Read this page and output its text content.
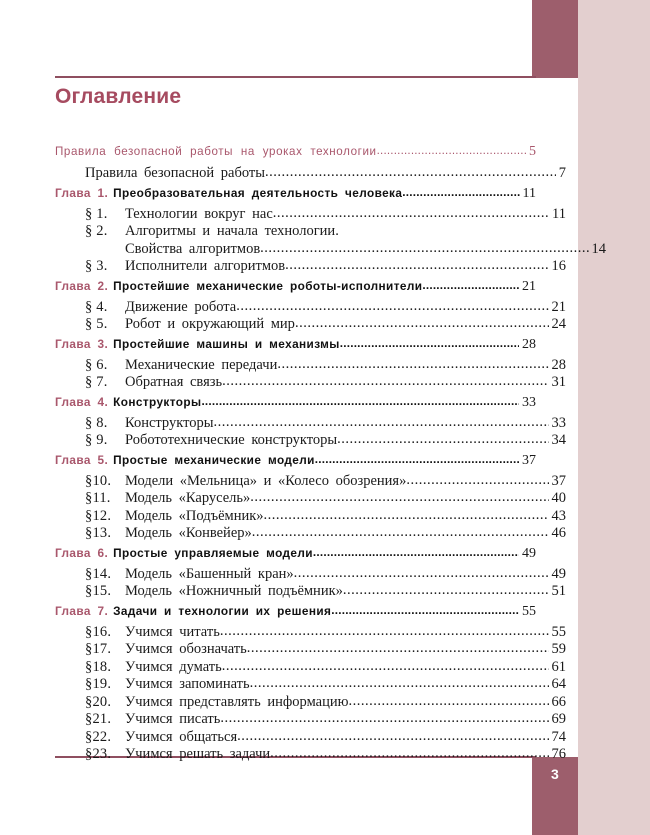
3
Оглавление
Правила безопасной работы на уроках технологии .....	5
Правила безопасной работы .....	7
Глава 1. Преобразовательная деятельность человека .....	11
§ 1.	Технологии вокруг нас .....	11
§ 2.	Алгоритмы и начала технологии.
Свойства алгоритмов .....	14
§ 3.	Исполнители алгоритмов .....	16
Глава 2. Простейшие механические роботы-исполнители .....	21
§ 4.	Движение робота .....	21
§ 5.	Робот и окружающий мир .....	24
Глава 3. Простейшие машины и механизмы .....	28
§ 6.	Механические передачи .....	28
§ 7.	Обратная связь .....	31
Глава 4. Конструкторы .....	33
§ 8.	Конструкторы .....	33
§ 9.	Робототехнические конструкторы .....	34
Глава 5. Простые механические модели .....	37
§10. Модели «Мельница» и «Колесо обозрения» .....	37
§11. Модель «Карусель» .....	40
§12. Модель «Подъёмник» .....	43
§13. Модель «Конвейер» .....	46
Глава 6. Простые управляемые модели .....	49
§14. Модель «Башенный кран» .....	49
§15. Модель «Ножничный подъёмник» .....	51
Глава 7. Задачи и технологии их решения .....	55
§16. Учимся читать .....	55
§17. Учимся обозначать .....	59
§18. Учимся думать .....	61
§19. Учимся запоминать .....	64
§20. Учимся представлять информацию .....	66
§21. Учимся писать .....	69
§22. Учимся общаться .....	74
§23. Учимся решать задачи .....	76
